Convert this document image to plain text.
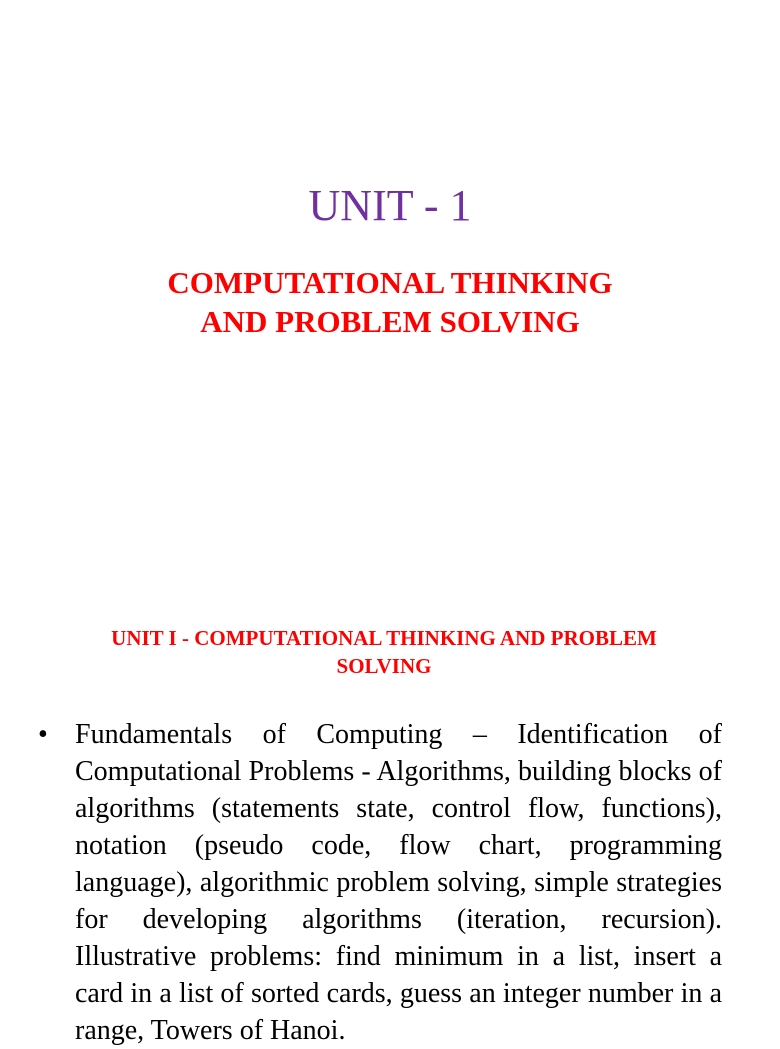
UNIT - 1
COMPUTATIONAL THINKING
AND PROBLEM SOLVING
UNIT I - COMPUTATIONAL THINKING AND PROBLEM
SOLVING
• Fundamentals of Computing – Identification of Computational Problems - Algorithms, building blocks of algorithms (statements state, control flow, functions), notation (pseudo code, flow chart, programming language), algorithmic problem solving, simple strategies for developing algorithms (iteration, recursion). Illustrative problems: find minimum in a list, insert a card in a list of sorted cards, guess an integer number in a range, Towers of Hanoi.
